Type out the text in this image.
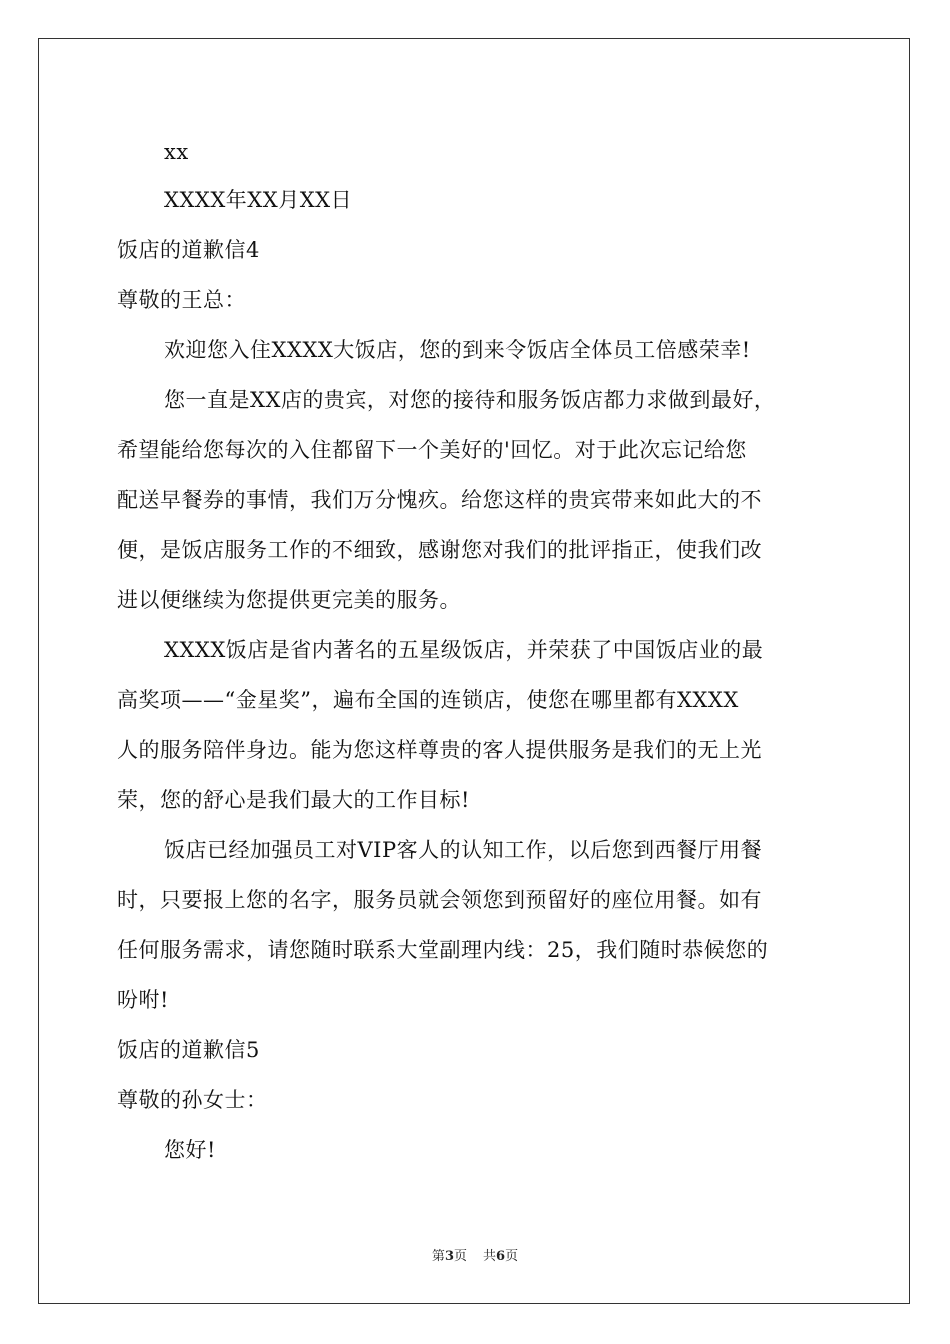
xx
XXXX年XX月XX日
饭店的道歉信4
尊敬的王总：
欢迎您入住XXXX大饭店，您的到来令饭店全体员工倍感荣幸!
您一直是XX店的贵宾，对您的接待和服务饭店都力求做到最好，
希望能给您每次的入住都留下一个美好的'回忆。对于此次忘记给您
配送早餐券的事情，我们万分愧疚。给您这样的贵宾带来如此大的不
便，是饭店服务工作的不细致，感谢您对我们的批评指正，使我们改
进以便继续为您提供更完美的服务。
XXXX饭店是省内著名的五星级饭店，并荣获了中国饭店业的最
高奖项——“金星奖”，遍布全国的连锁店，使您在哪里都有XXXX
人的服务陪伴身边。能为您这样尊贵的客人提供服务是我们的无上光
荣，您的舒心是我们最大的工作目标!
饭店已经加强员工对VIP客人的认知工作，以后您到西餐厅用餐
时，只要报上您的名字，服务员就会领您到预留好的座位用餐。如有
任何服务需求，请您随时联系大堂副理内线：25，我们随时恭候您的
吩咐!
饭店的道歉信5
尊敬的孙女士：
您好!
第3页 共6页
